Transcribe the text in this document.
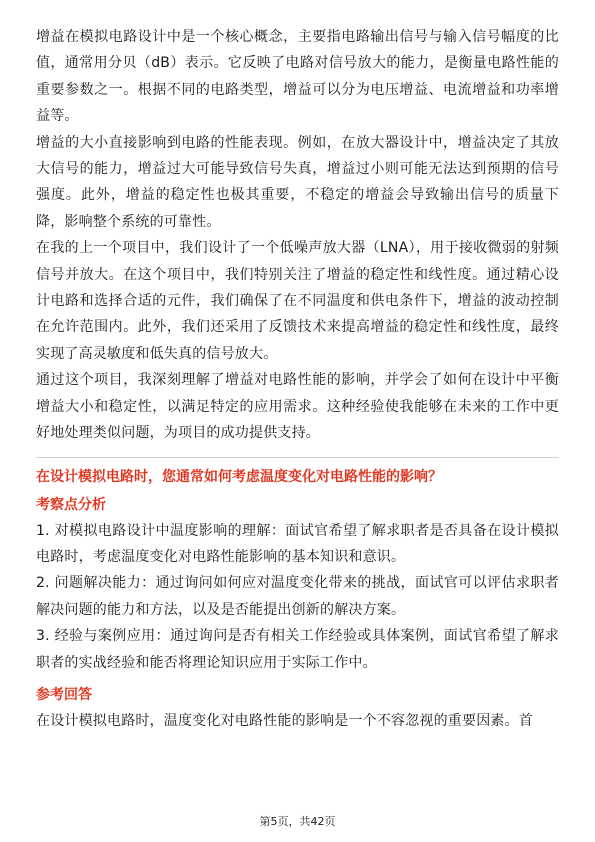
增益在模拟电路设计中是一个核心概念，主要指电路输出信号与输入信号幅度的比值，通常用分贝（dB）表示。它反映了电路对信号放大的能力，是衡量电路性能的重要参数之一。根据不同的电路类型，增益可以分为电压增益、电流增益和功率增益等。

增益的大小直接影响到电路的性能表现。例如，在放大器设计中，增益决定了其放大信号的能力，增益过大可能导致信号失真，增益过小则可能无法达到预期的信号强度。此外，增益的稳定性也极其重要，不稳定的增益会导致输出信号的质量下降，影响整个系统的可靠性。

在我的上一个项目中，我们设计了一个低噪声放大器（LNA），用于接收微弱的射频信号并放大。在这个项目中，我们特别关注了增益的稳定性和线性度。通过精心设计电路和选择合适的元件，我们确保了在不同温度和供电条件下，增益的波动控制在允许范围内。此外，我们还采用了反馈技术来提高增益的稳定性和线性度，最终实现了高灵敏度和低失真的信号放大。

通过这个项目，我深刻理解了增益对电路性能的影响，并学会了如何在设计中平衡增益大小和稳定性，以满足特定的应用需求。这种经验使我能够在未来的工作中更好地处理类似问题，为项目的成功提供支持。

在设计模拟电路时，您通常如何考虑温度变化对电路性能的影响？

考察点分析

1. 对模拟电路设计中温度影响的理解：面试官希望了解求职者是否具备在设计模拟电路时，考虑温度变化对电路性能影响的基本知识和意识。

2. 问题解决能力：通过询问如何应对温度变化带来的挑战，面试官可以评估求职者解决问题的能力和方法，以及是否能提出创新的解决方案。

3. 经验与案例应用：通过询问是否有相关工作经验或具体案例，面试官希望了解求职者的实战经验和能否将理论知识应用于实际工作中。

参考回答

在设计模拟电路时，温度变化对电路性能的影响是一个不容忽视的重要因素。首

第5页，共42页
